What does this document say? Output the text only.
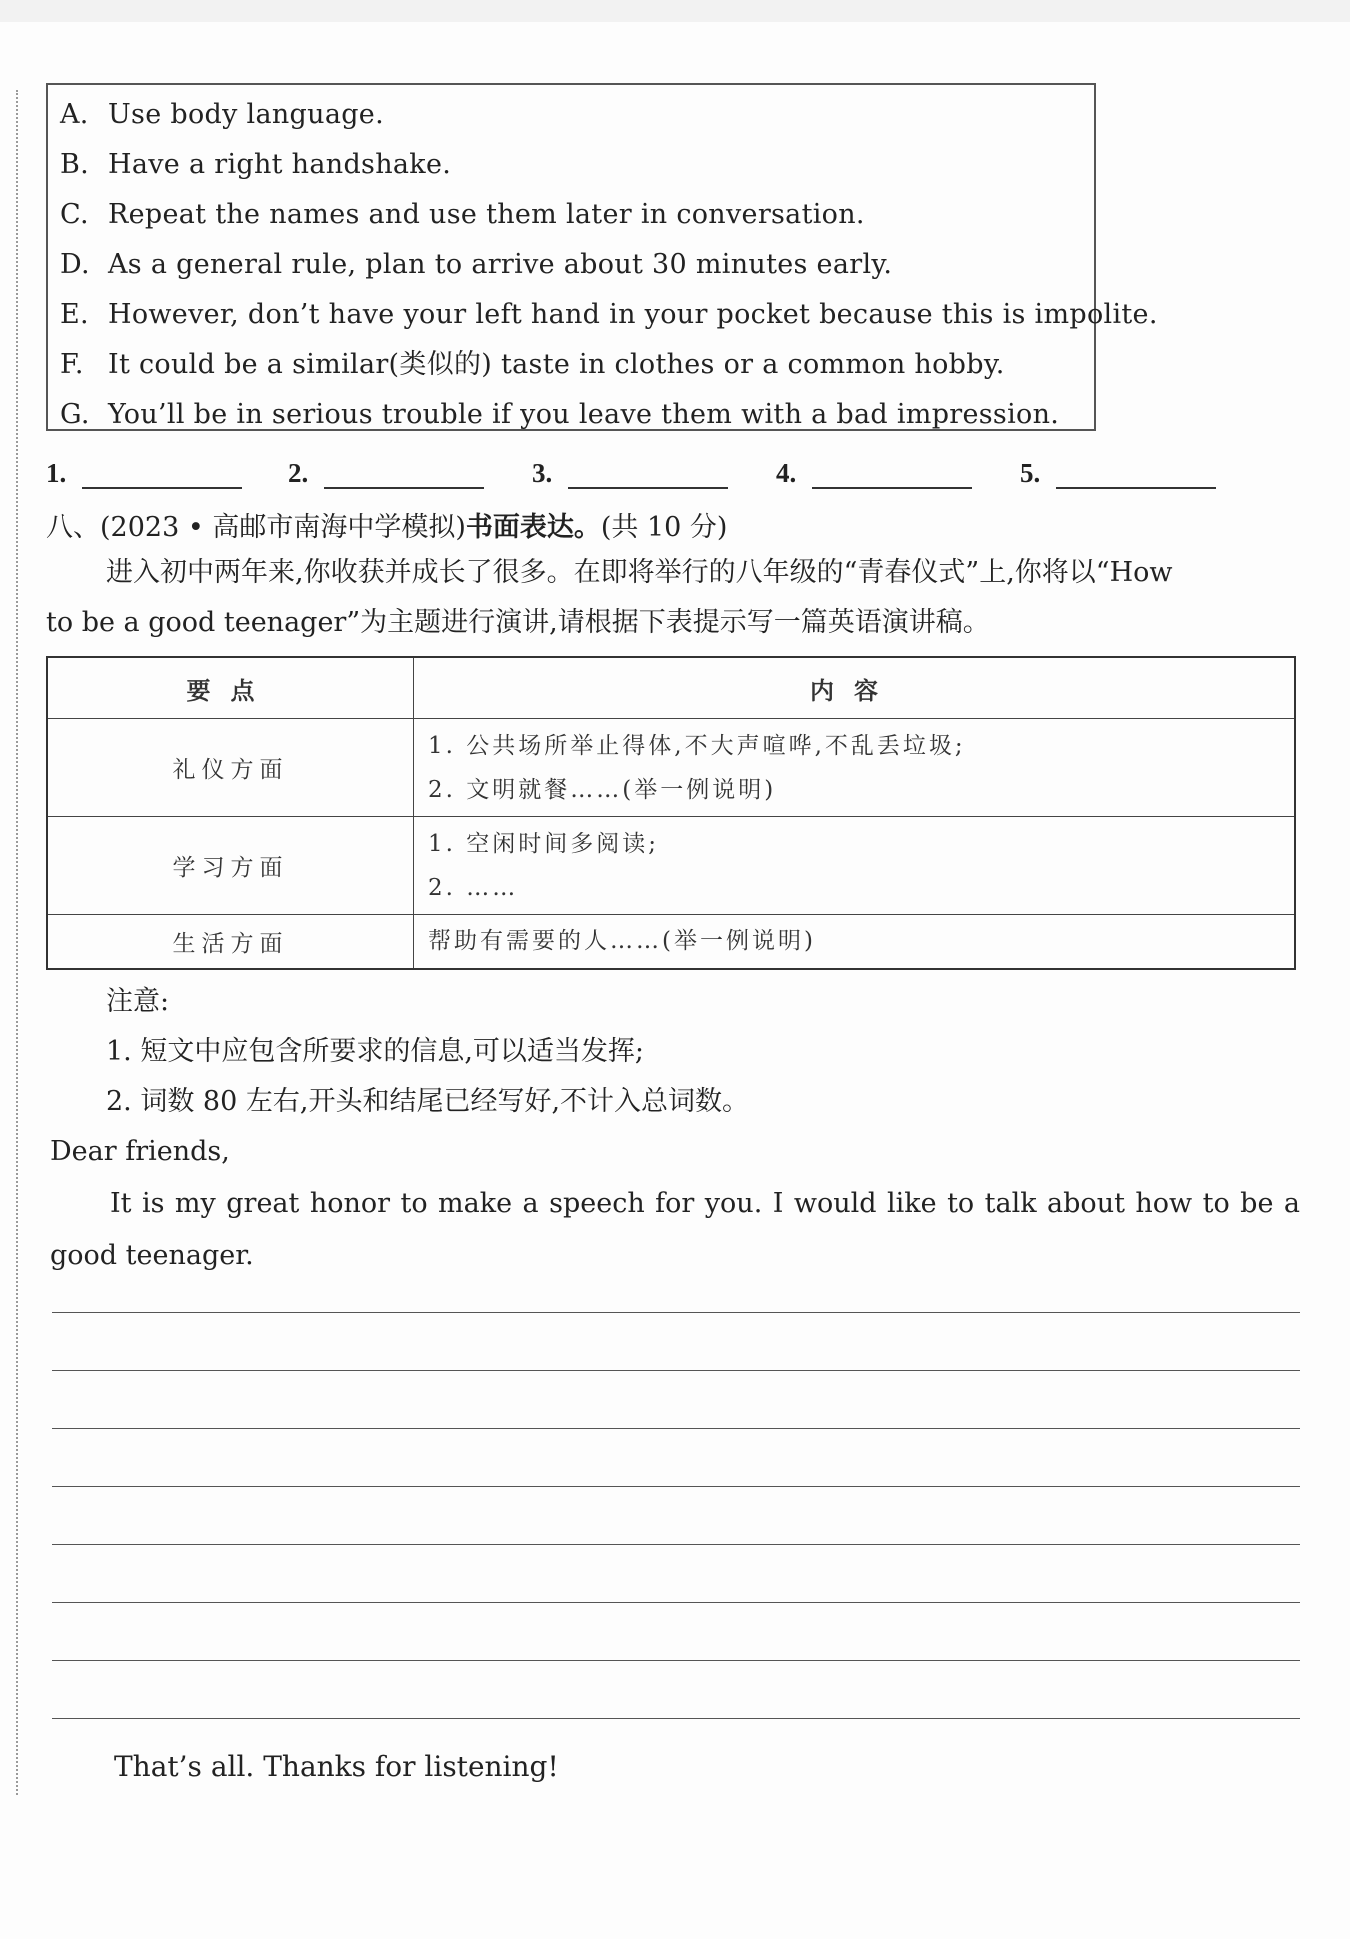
A. Use body language.
B. Have a right handshake.
C. Repeat the names and use them later in conversation.
D. As a general rule, plan to arrive about 30 minutes early.
E. However, don’t have your left hand in your pocket because this is impolite.
F. It could be a similar(类似的) taste in clothes or a common hobby.
G. You’ll be in serious trouble if you leave them with a bad impression.
1.	2.	3.	4.	5.
八、(2023 • 高邮市南海中学模拟)书面表达。(共 10 分)

进入初中两年来,你收获并成长了很多。在即将举行的八年级的“青春仪式”上,你将以“How

to be a good teenager”为主题进行演讲,请根据下表提示写一篇英语演讲稿。

要点	内容
礼仪方面	1. 公共场所举止得体,不大声喧哗,不乱丢垃圾;
2. 文明就餐……(举一例说明)

学习方面	1. 空闲时间多阅读;
2. ……

生活方面	帮助有需要的人……(举一例说明)

注意:

1. 短文中应包含所要求的信息,可以适当发挥;

2. 词数 80 左右,开头和结尾已经写好,不计入总词数。

Dear friends,

It is my great honor to make a speech for you. I would like to talk about how to be a good teenager.

That’s all. Thanks for listening!
